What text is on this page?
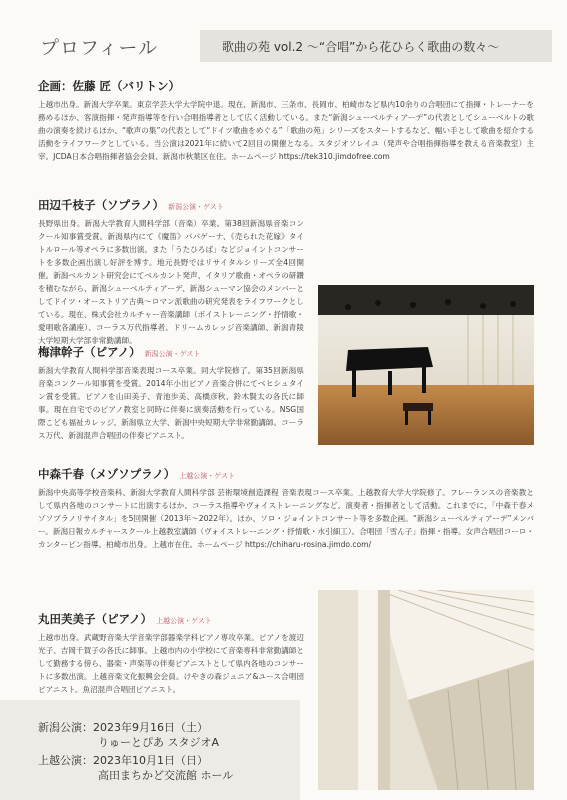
プロフィール	歌曲の苑 vol.2 〜“合唱”から花ひらく歌曲の数々〜
企画：佐藤 匠（バリトン）
上越市出身。新潟大学卒業。東京学芸大学大学院中退。現在、新潟市、三条市、長岡市、柏崎市など県内10余りの合唱団にて指揮・トレーナーを務めるほか、客演指揮・発声指導等を行い合唱指導者として広く活動している。また“新潟シューベルティアーデ”の代表としてシューベルトの歌曲の演奏を続けるほか、“歌声の集”の代表として“ドイツ歌曲をめぐる”「歌曲の苑」シリーズをスタートするなど、幅い手として歌曲を紹介する活動をライフワークとしている。当公演は2021年に続いて2回目の開催となる。スタジオソレイユ（発声や合唱指揮指導を教える音楽教室）主宰。JCDA日本合唱指揮者協会会員、新潟市秋葉区在住。ホームページ https://tek310.jimdofree.com
田辺千枝子（ソプラノ） 新潟公演・ゲスト
長野県出身。新潟大学教育人間科学部（音楽）卒業。第38回新潟県音楽コンクール知事賞受賞。新潟県内にて《魔笛》パパゲーナ、《売られた花嫁》タイトルロール等オペラに多数出演。また「うたひろば」などジョイントコンサートを多数企画出演し好評を博す。地元長野ではリサイタルシリーズ全4回開催。新潟ベルカント研究会にてベルカント発声、イタリア歌曲・オペラの研鑽を積むながら、新潟シューベルティアーデ、新潟シューマン協会のメンバーとしてドイツ・オーストリア古典〜ロマン派歌曲の研究発表をライフワークとしている。現在、株式会社カルチャー音楽講師（ボイストレーニング・抒情歌・愛唱歌各講座）、コーラス万代指導者、ドリームカレッジ音楽講師、新潟青陵大学短期大学部非常勤講師。
梅津幹子（ピアノ） 新潟公演・ゲスト
新潟大学教育人間科学部音楽表現コース卒業。同大学院修了。第35回新潟県音楽コンクール知事賞を受賞。2014年小出ピアノ音楽合併にてベヒシュタイン賞を受賞。ピアノを山田美子、青池歩美、高橋彦秋、鈴木賢太の各氏に師事。現在自宅でのピアノ教室と同時に伴奏に演奏活動を行っている。NSG国際こども福祉カレッジ、新潟県立大学、新潟中央短期大学非常勤講師。コーラス万代、新潟混声合唱団の伴奏ピアニスト。
中森千春（メゾソプラノ） 上越公演・ゲスト
新潟中央高等学校音楽科、新潟大学教育人間科学部 芸術環境創造課程 音楽表現コース卒業。上越教育大学大学院修了。フレーランスの音楽教として県内各地のコンサートに出演するほか、コーラス指導やヴォイストレーニングなど、演奏者・指揮者として活動。これまでに、「中森千春メゾソプラノリサイタル」を5回開催（2013年〜2022年）。ほか、ソロ・ジョイントコンサート等を多数企画。“新潟シューベルティアーデ”メンバー。新潟日報カルチャースクール上越教室講師（ヴォイストレーニング・抒情歌・水引細工）。合唱団「雪ん子」指揮・指導。女声合唱団コーロ・カンターピン指導。柏崎市出身。上越市在住。ホームページ https://chiharu-rosina.jimdo.com/
丸田芙美子（ピアノ） 上越公演・ゲスト
上越市出身。武蔵野音楽大学音楽学部器楽学科ピアノ専攻卒業。ピアノを渡辺光子、吉岡千賀子の各氏に師事。上越市内の小学校にて音楽専科非常勤講師として勤務する傍ら、器楽・声楽等の伴奏ピアニストとして県内各地のコンサートに多数出演。上越音楽文化振興会会員。けやきの森ジュニア&ユース合唱団ピアニスト。魚沼混声合唱団ピアニスト。
新潟公演：2023年9月16日（土）
りゅーとぴあ スタジオA
上越公演：2023年10月1日（日）
高田まちかど交流館 ホール
